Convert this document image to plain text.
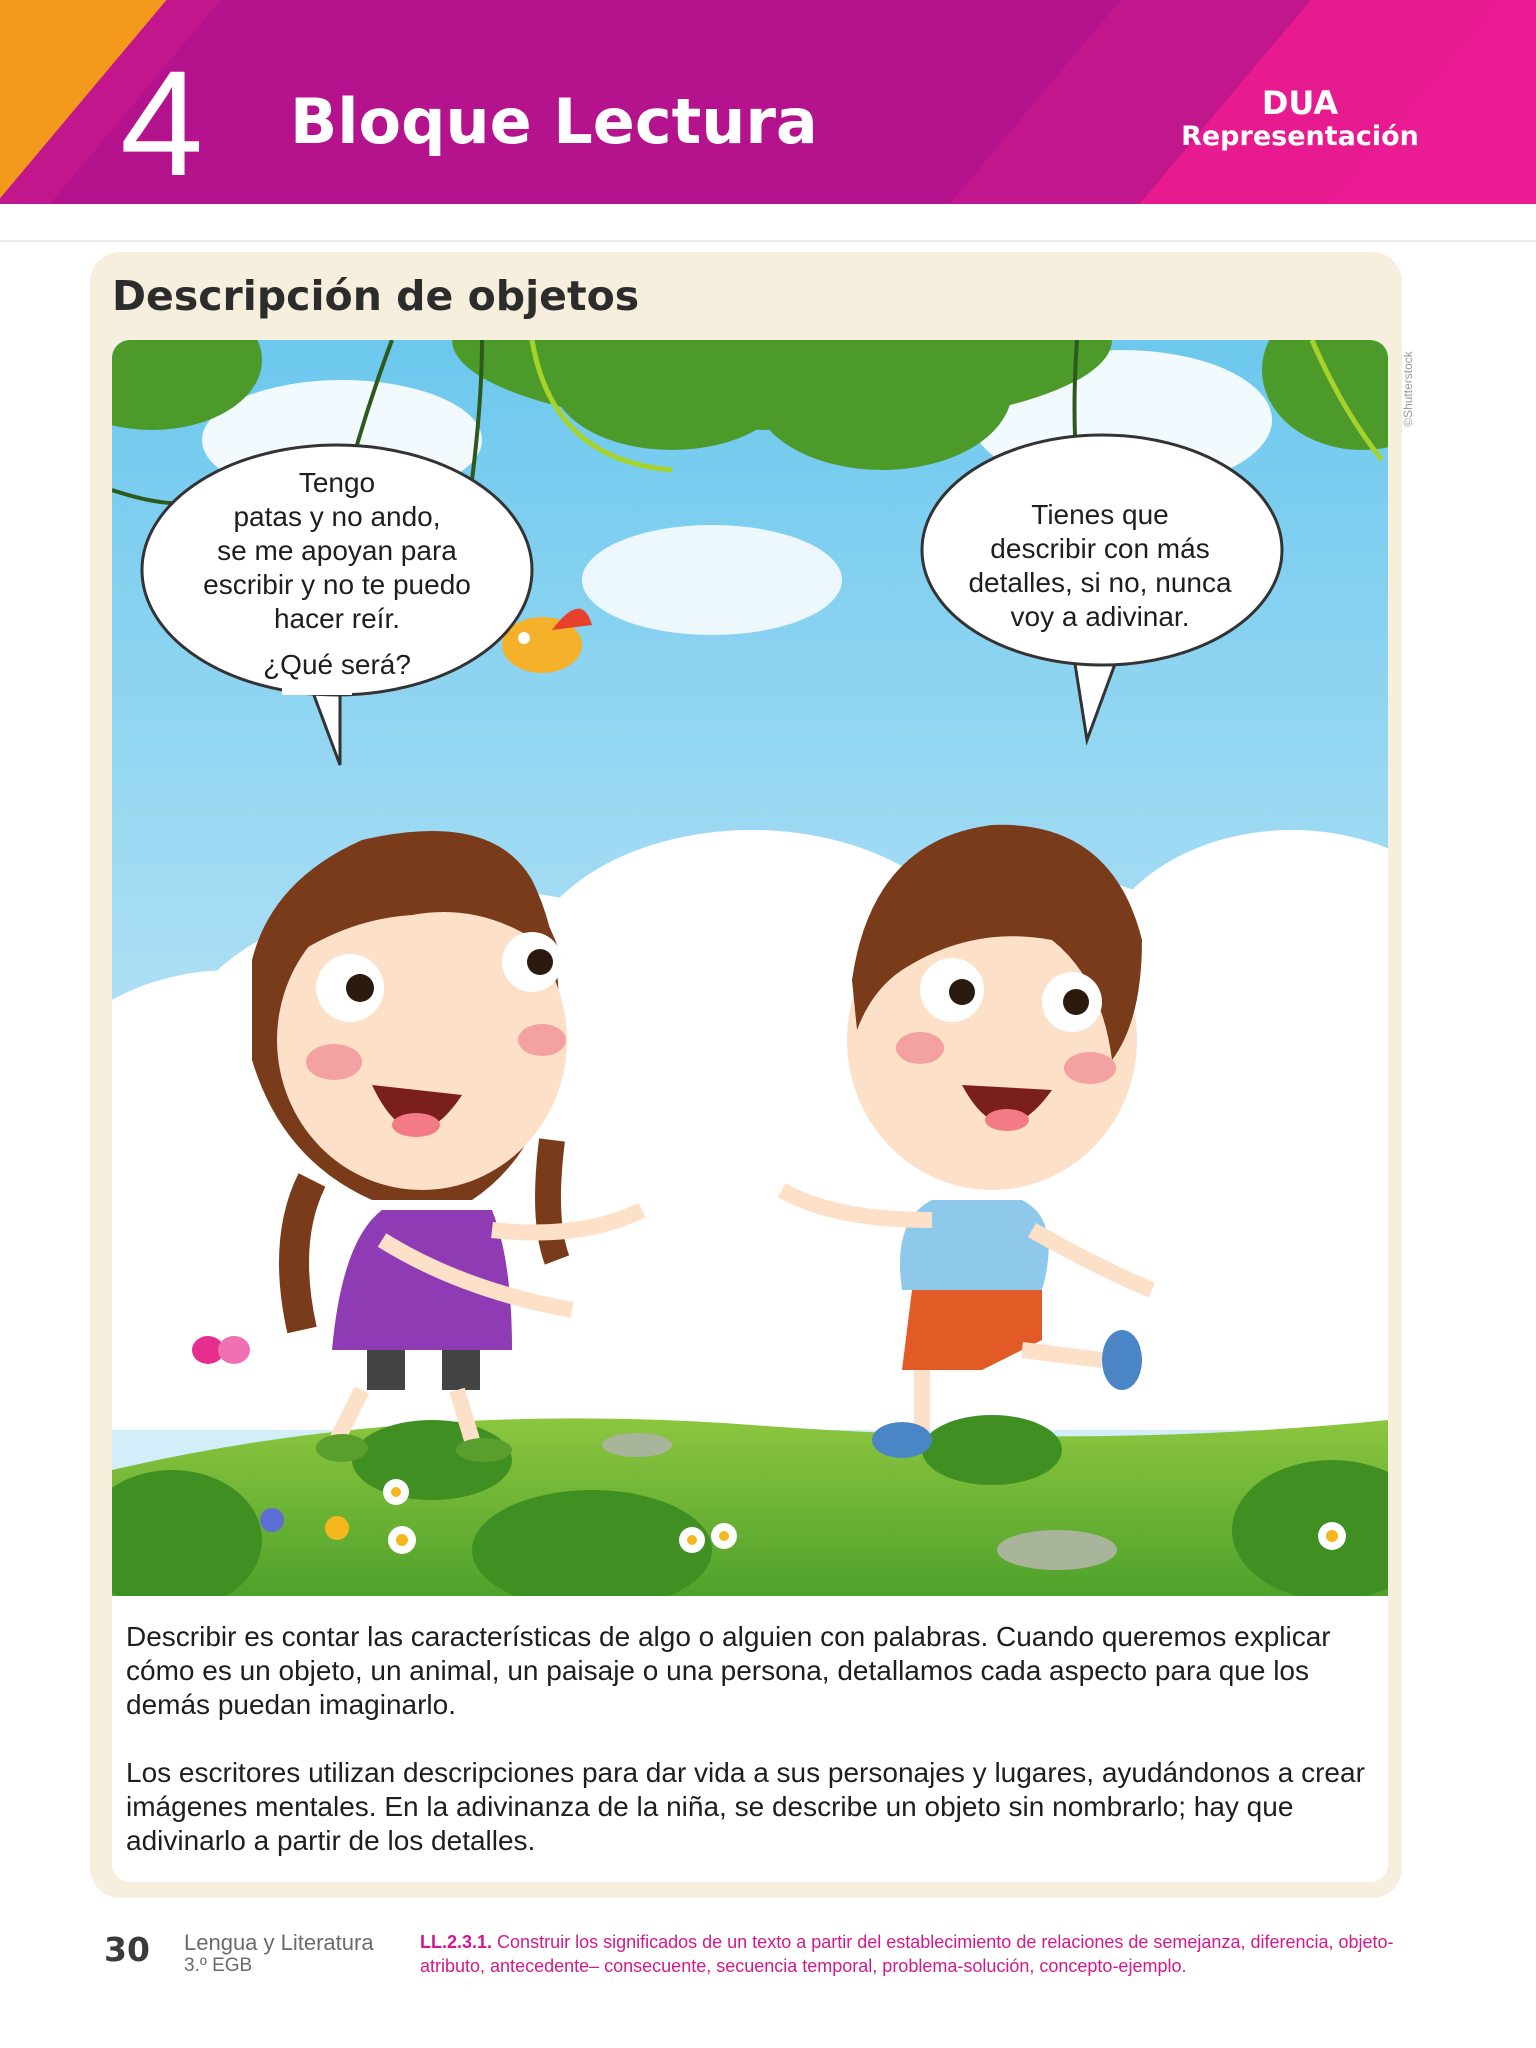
4 Bloque Lectura	DUA
Representación
Descripción de objetos
Tengo
patas y no ando,
se me apoyan para
escribir y no te puedo
hacer reír.
¿Qué será?
Tienes que
describir con más
detalles, si no, nunca
voy a adivinar.
©Shutterstock

Describir es contar las características de algo o alguien con palabras. Cuando queremos explicar cómo es un objeto, un animal, un paisaje o una persona, detallamos cada aspecto para que los demás puedan imaginarlo.

Los escritores utilizan descripciones para dar vida a sus personajes y lugares, ayudándonos a crear imágenes mentales. En la adivinanza de la niña, se describe un objeto sin nombrarlo; hay que adivinarlo a partir de los detalles.

30 Lengua y Literatura
3.º EGB
LL.2.3.1. Construir los significados de un texto a partir del establecimiento de relaciones de semejanza, diferencia, objeto-atributo, antecedente– consecuente, secuencia temporal, problema-solución, concepto-ejemplo.
